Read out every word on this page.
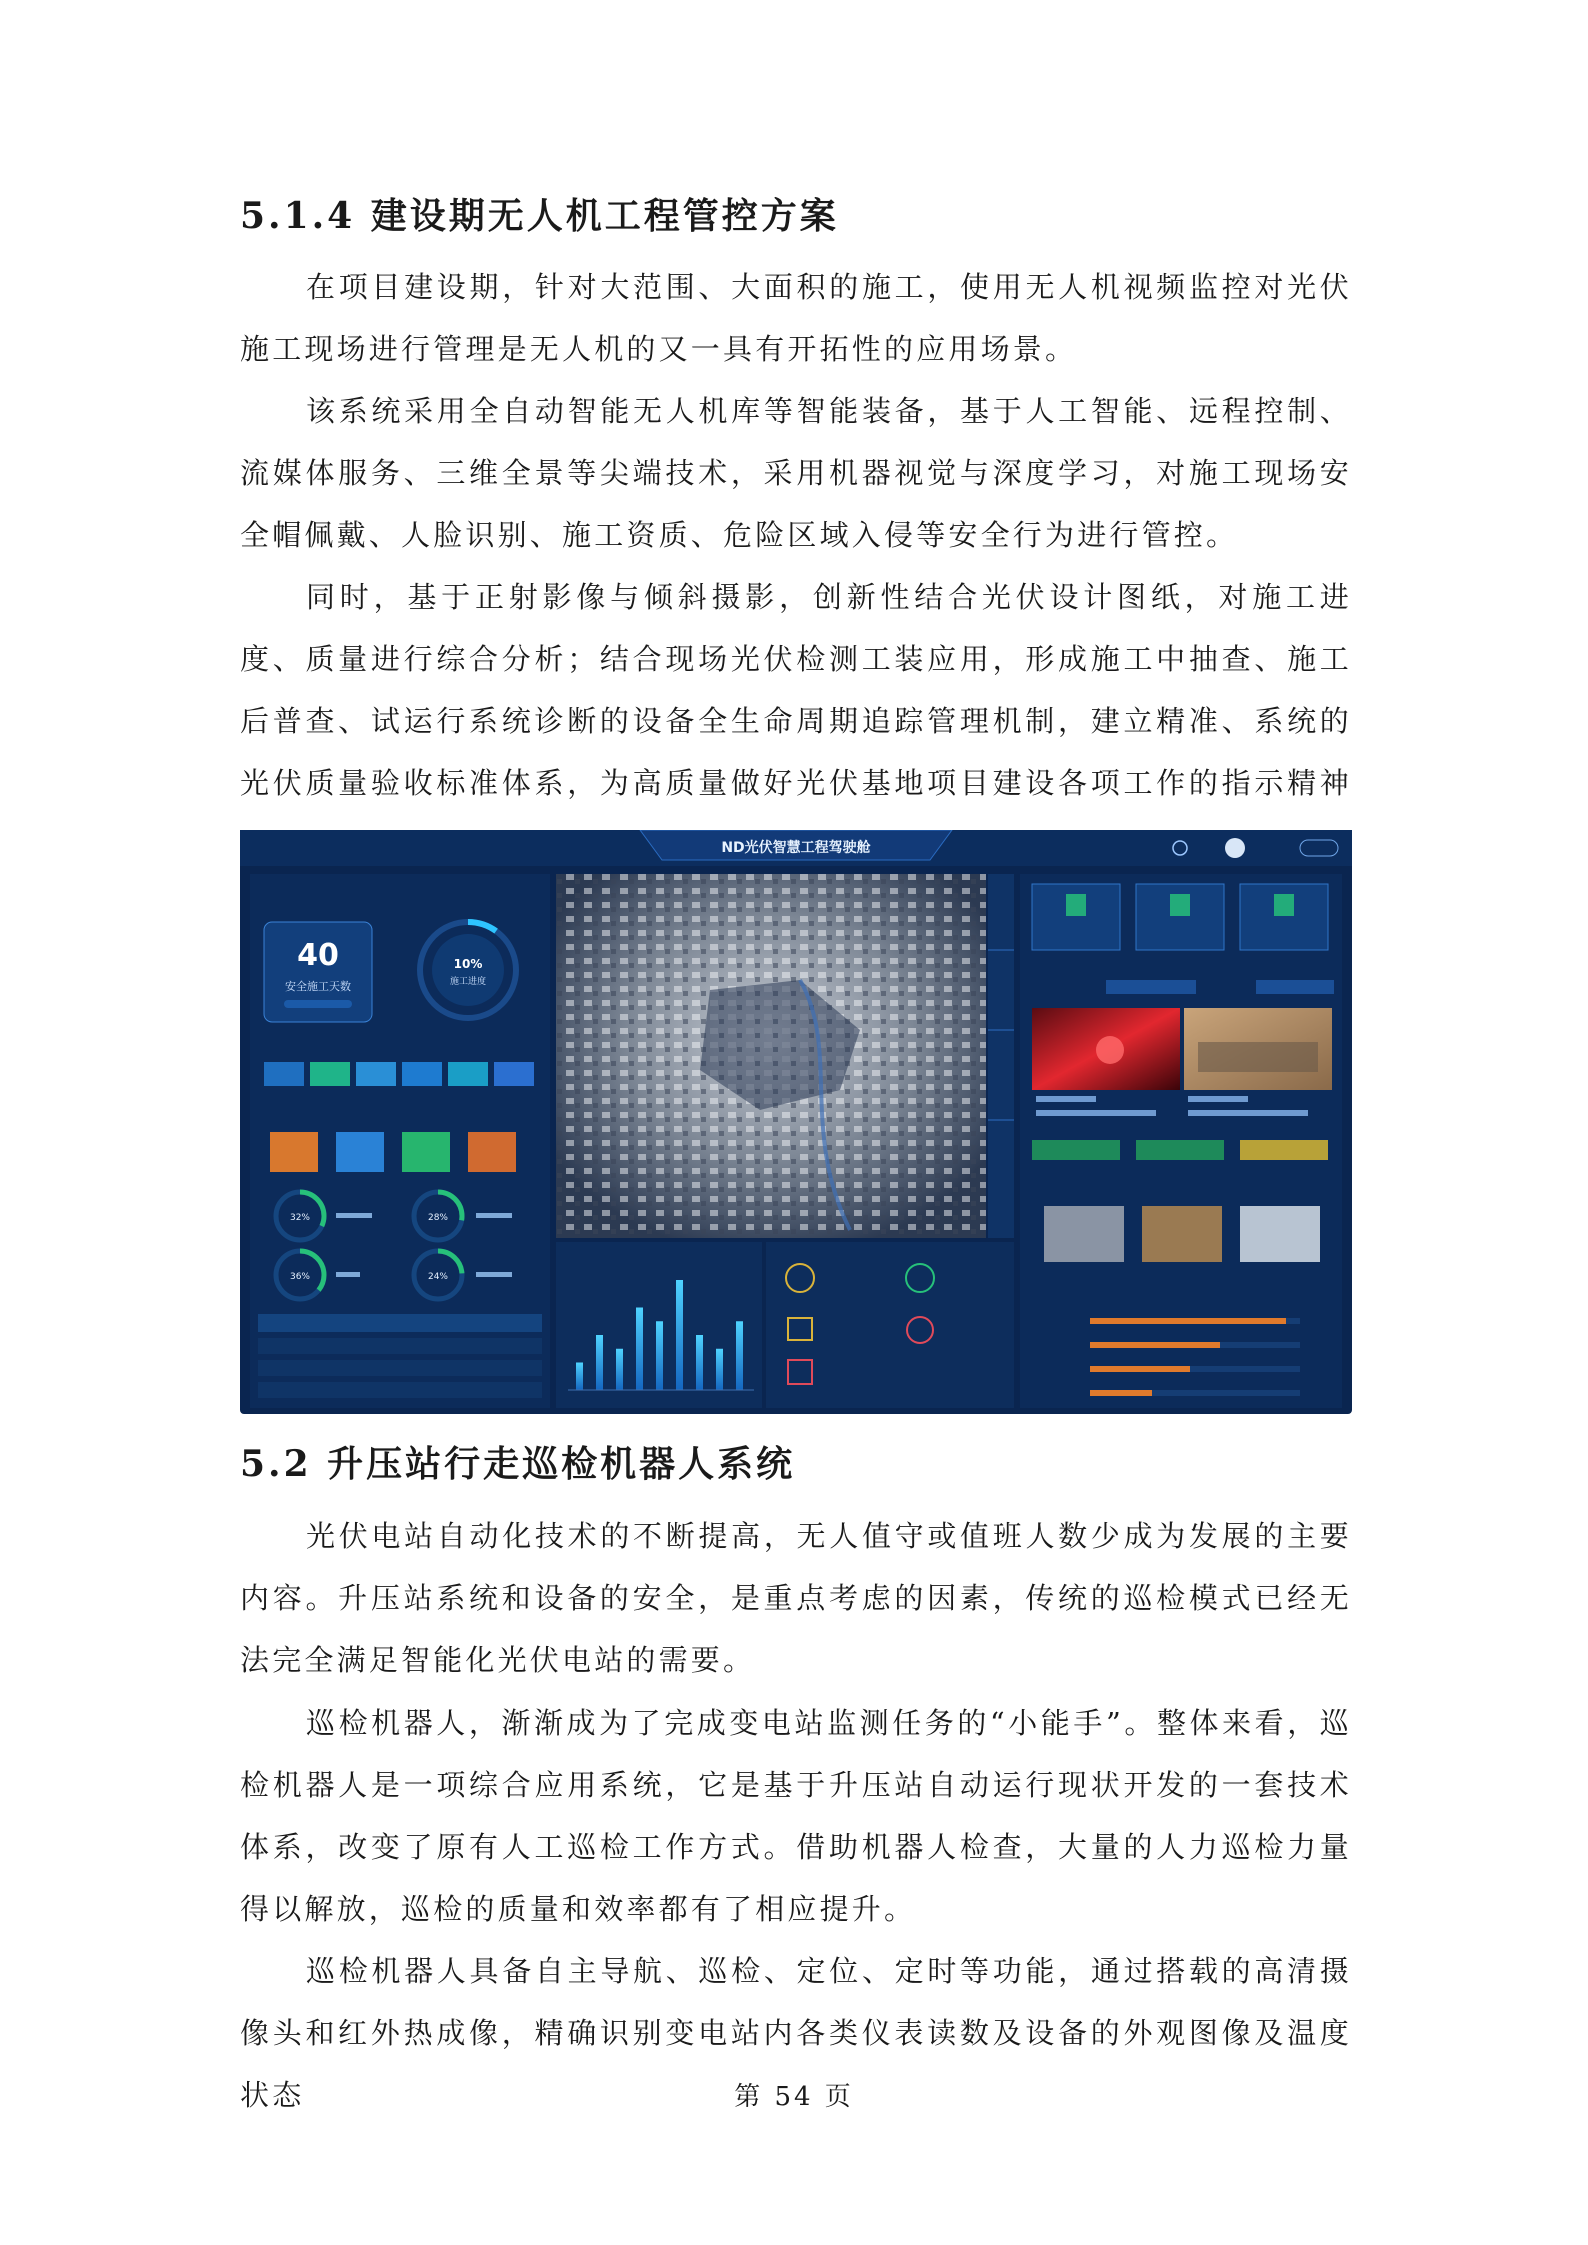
5.1.4 建设期无人机工程管控方案

在项目建设期，针对大范围、大面积的施工，使用无人机视频监控对光伏施工现场进行管理是无人机的又一具有开拓性的应用场景。

该系统采用全自动智能无人机库等智能装备，基于人工智能、远程控制、流媒体服务、三维全景等尖端技术，采用机器视觉与深度学习，对施工现场安全帽佩戴、人脸识别、施工资质、危险区域入侵等安全行为进行管控。

同时，基于正射影像与倾斜摄影，创新性结合光伏设计图纸，对施工进度、质量进行综合分析；结合现场光伏检测工装应用，形成施工中抽查、施工后普查、试运行系统诊断的设备全生命周期追踪管理机制，建立精准、系统的光伏质量验收标准体系，为高质量做好光伏基地项目建设各项工作的指示精神

ND光伏智慧工程驾驶舱
40
安全施工天数
10%
施工进度
32%	28%
36%	24%
5.2 升压站行走巡检机器人系统

光伏电站自动化技术的不断提高，无人值守或值班人数少成为发展的主要内容。升压站系统和设备的安全，是重点考虑的因素，传统的巡检模式已经无法完全满足智能化光伏电站的需要。

巡检机器人，渐渐成为了完成变电站监测任务的“小能手”。整体来看，巡检机器人是一项综合应用系统，它是基于升压站自动运行现状开发的一套技术体系，改变了原有人工巡检工作方式。借助机器人检查，大量的人力巡检力量得以解放，巡检的质量和效率都有了相应提升。

巡检机器人具备自主导航、巡检、定位、定时等功能，通过搭载的高清摄像头和红外热成像，精确识别变电站内各类仪表读数及设备的外观图像及温度状态	第 54 页
